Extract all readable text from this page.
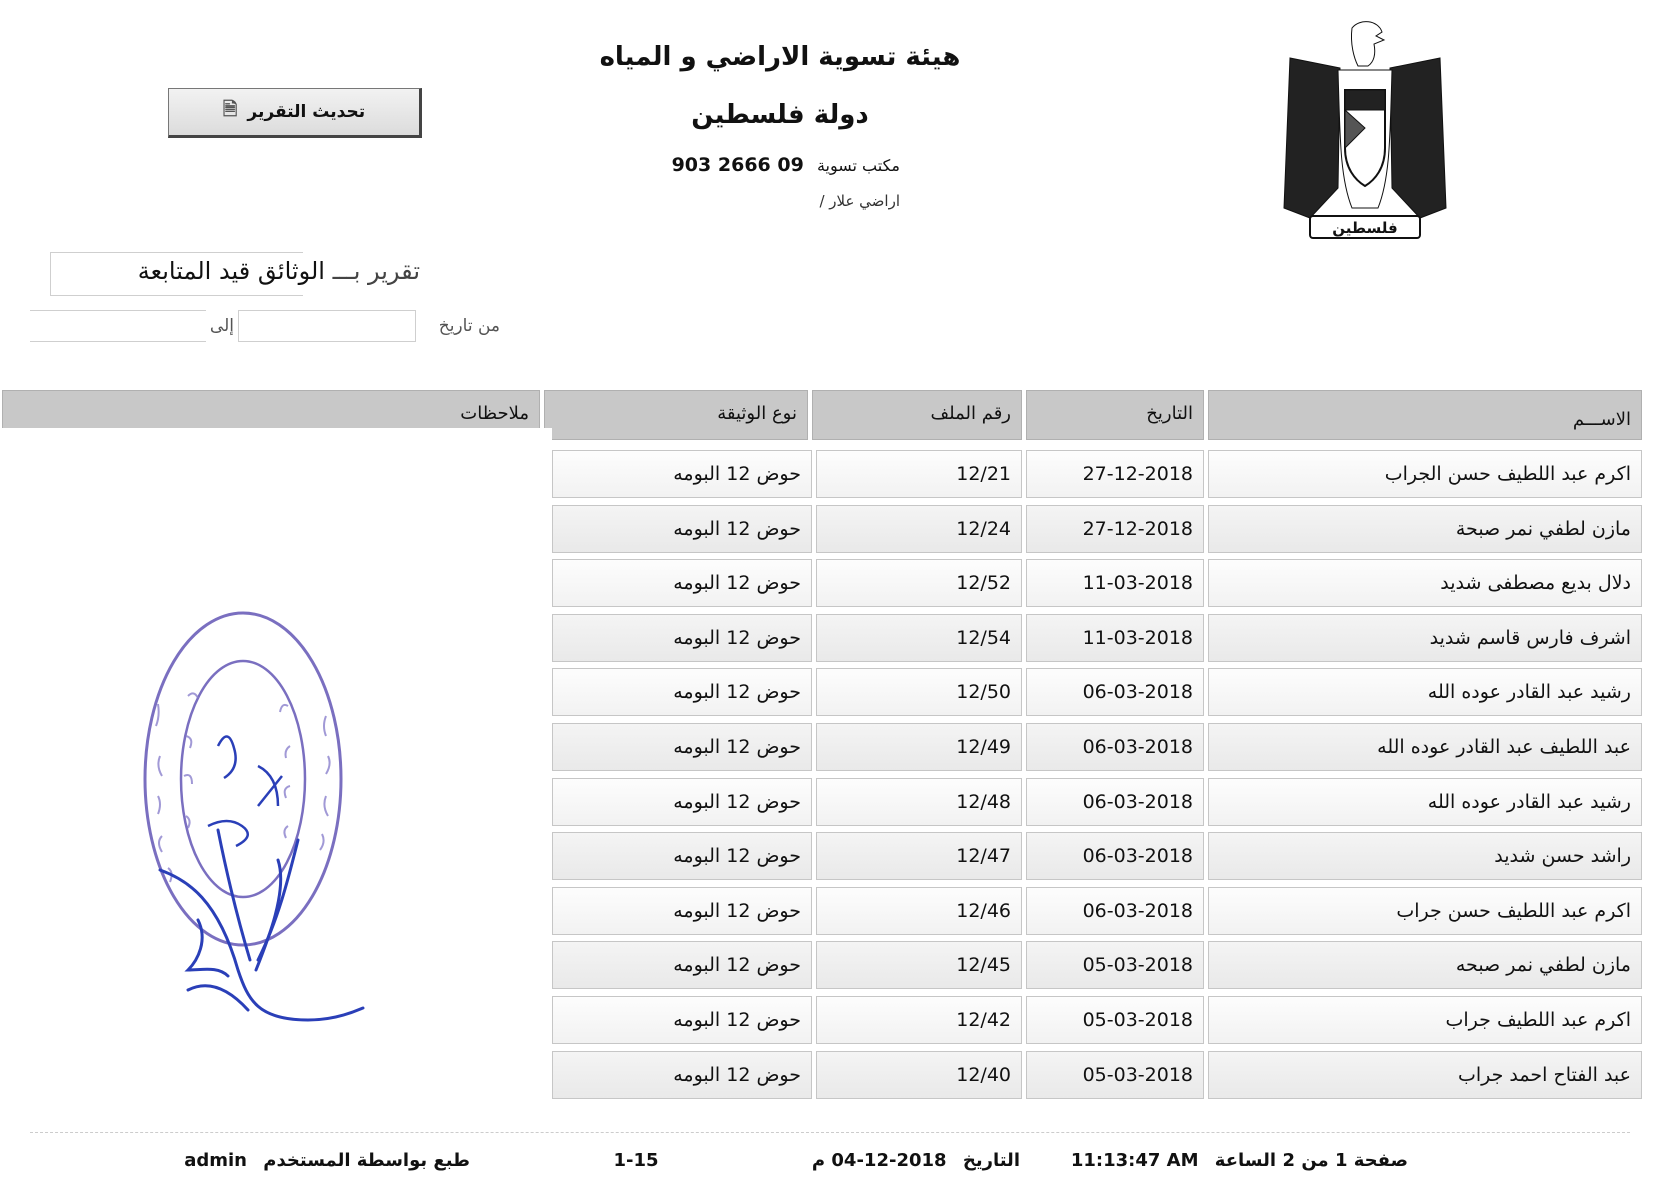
هيئة تسوية الاراضي و المياه
دولة فلسطين
مكتب تسوية 09 2666 903
اراضي علار /
تحديث التقرير
🗎
فلسطين
تقرير بـــ الوثائق قيد المتابعة
من تاريخ
إلى
الاســـم
التاريخ
رقم الملف
نوع الوثيقة
ملاحظات
اكرم عبد اللطيف حسن الجراب
27-12-2018
12/21
حوض 12 البومه
مازن لطفي نمر صبحة
27-12-2018
12/24
حوض 12 البومه
دلال بديع مصطفى شديد
11-03-2018
12/52
حوض 12 البومه
اشرف فارس قاسم شديد
11-03-2018
12/54
حوض 12 البومه
رشيد عبد القادر عوده الله
06-03-2018
12/50
حوض 12 البومه
عبد اللطيف عبد القادر عوده الله
06-03-2018
12/49
حوض 12 البومه
رشيد عبد القادر عوده الله
06-03-2018
12/48
حوض 12 البومه
راشد حسن شديد
06-03-2018
12/47
حوض 12 البومه
اكرم عبد اللطيف حسن جراب
06-03-2018
12/46
حوض 12 البومه
مازن لطفي نمر صبحه
05-03-2018
12/45
حوض 12 البومه
اكرم عبد اللطيف جراب
05-03-2018
12/42
حوض 12 البومه
عبد الفتاح احمد جراب
05-03-2018
12/40
حوض 12 البومه
صفحة 1 من 2
الساعة 11:13:47 AM
التاريخ 2018-12-04 م
1-15
طبع بواسطة المستخدم admin
